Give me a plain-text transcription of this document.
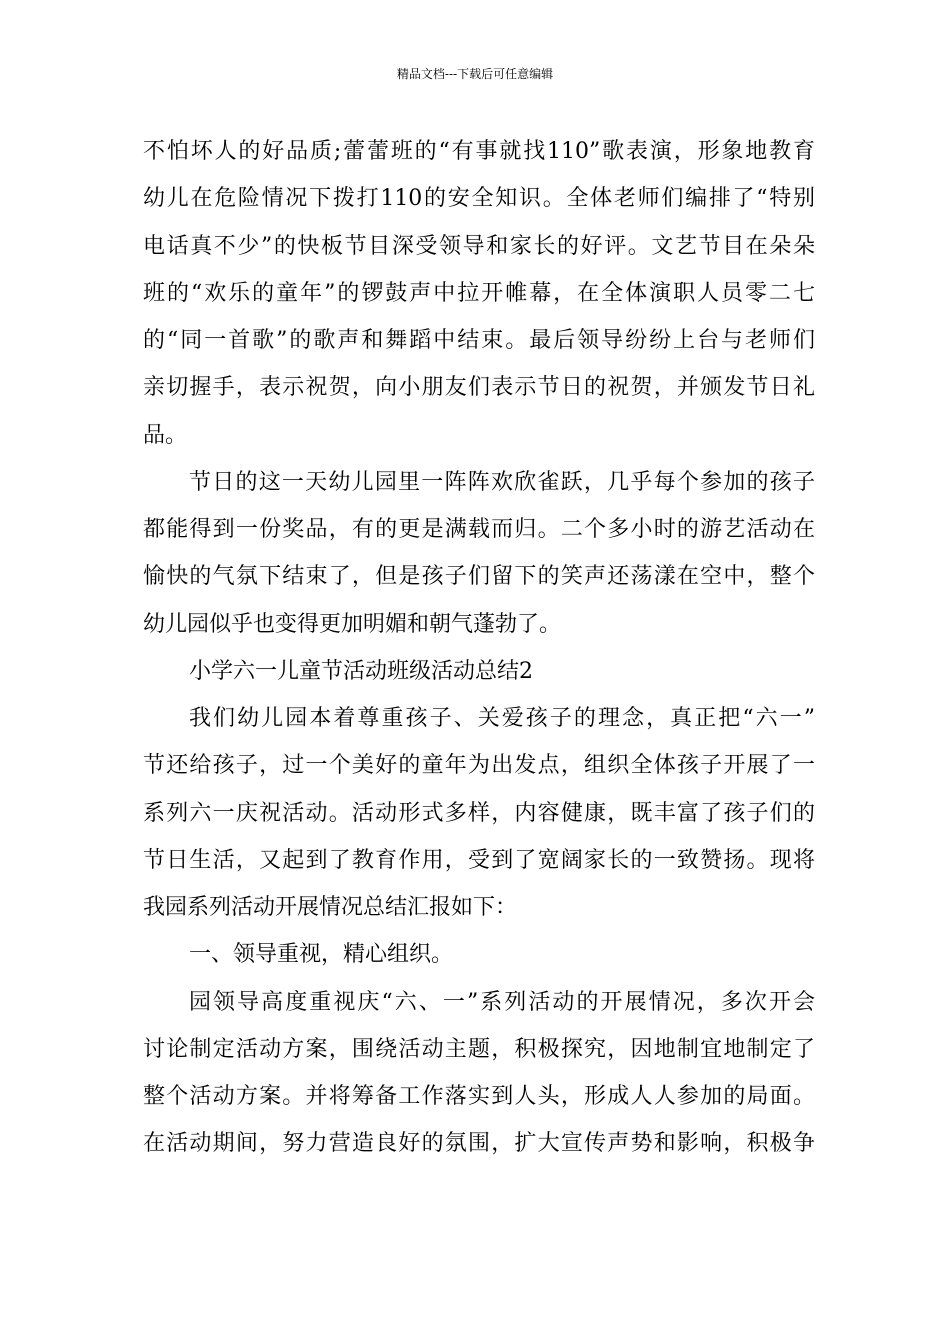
精品文档---下载后可任意编辑
不怕坏人的好品质;蕾蕾班的“有事就找110”歌表演，形象地教育
幼儿在危险情况下拨打110的安全知识。全体老师们编排了“特别
电话真不少”的快板节目深受领导和家长的好评。文艺节目在朵朵
班的“欢乐的童年”的锣鼓声中拉开帷幕，在全体演职人员零二七
的“同一首歌”的歌声和舞蹈中结束。最后领导纷纷上台与老师们
亲切握手，表示祝贺，向小朋友们表示节日的祝贺，并颁发节日礼
品。
节日的这一天幼儿园里一阵阵欢欣雀跃，几乎每个参加的孩子
都能得到一份奖品，有的更是满载而归。二个多小时的游艺活动在
愉快的气氛下结束了，但是孩子们留下的笑声还荡漾在空中，整个
幼儿园似乎也变得更加明媚和朝气蓬勃了。
小学六一儿童节活动班级活动总结2
我们幼儿园本着尊重孩子、关爱孩子的理念，真正把“六一”
节还给孩子，过一个美好的童年为出发点，组织全体孩子开展了一
系列六一庆祝活动。活动形式多样，内容健康，既丰富了孩子们的
节日生活，又起到了教育作用，受到了宽阔家长的一致赞扬。现将
我园系列活动开展情况总结汇报如下：
一、领导重视，精心组织。
园领导高度重视庆“六、一”系列活动的开展情况，多次开会
讨论制定活动方案，围绕活动主题，积极探究，因地制宜地制定了
整个活动方案。并将筹备工作落实到人头，形成人人参加的局面。
在活动期间，努力营造良好的氛围，扩大宣传声势和影响，积极争
